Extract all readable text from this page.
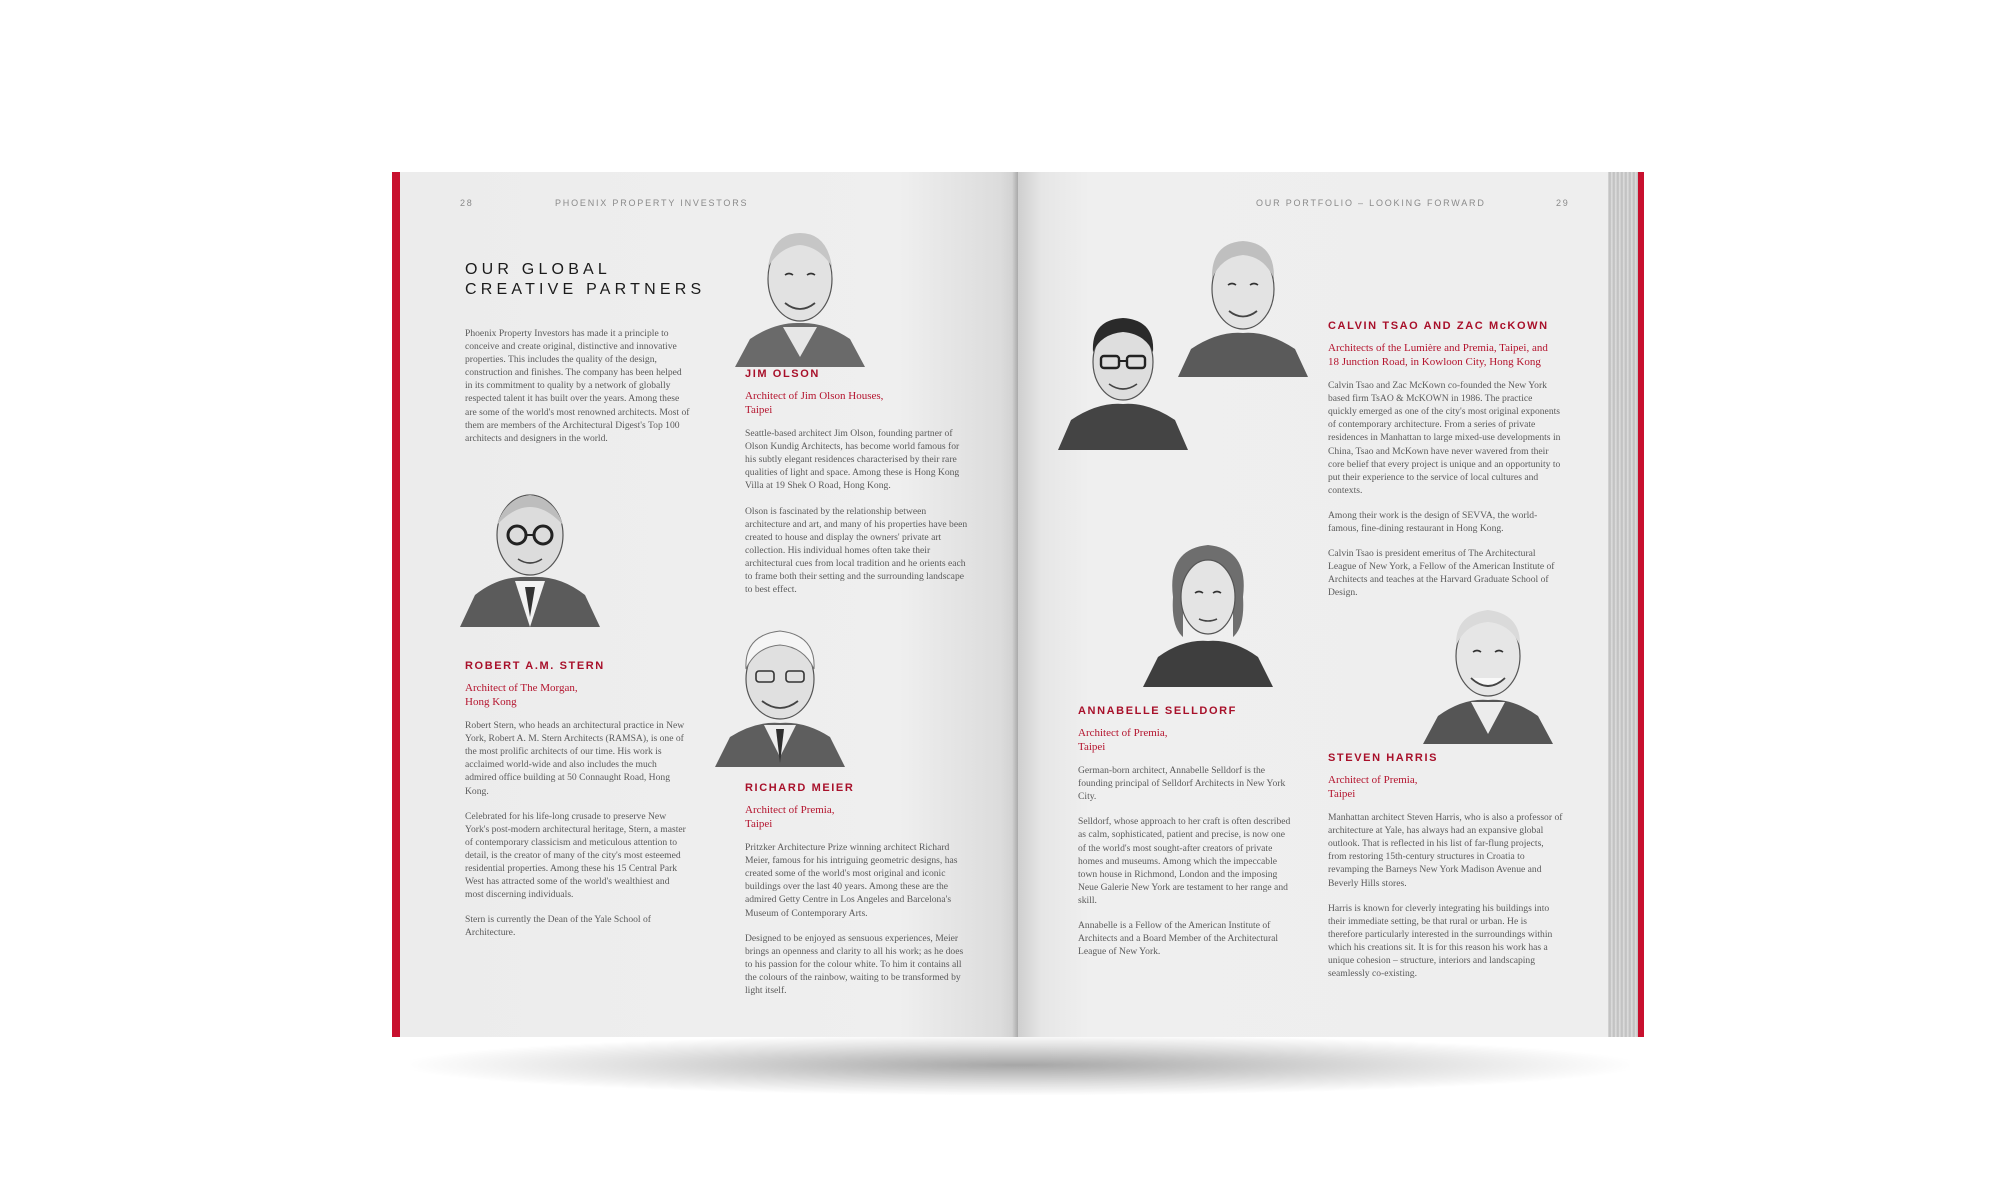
28	PHOENIX PROPERTY INVESTORS
OUR GLOBAL
CREATIVE PARTNERS

Phoenix Property Investors has made it a principle to conceive and create original, distinctive and innovative properties. This includes the quality of the design, construction and finishes. The company has been helped in its commitment to quality by a network of globally respected talent it has built over the years. Among these are some of the world's most renowned architects. Most of them are members of the Architectural Digest's Top 100 architects and designers in the world.

ROBERT A.M. STERN
Architect of The Morgan,
Hong Kong

Robert Stern, who heads an architectural practice in New York, Robert A. M. Stern Architects (RAMSA), is one of the most prolific architects of our time. His work is acclaimed world-wide and also includes the much admired office building at 50 Connaught Road, Hong Kong.

Celebrated for his life-long crusade to preserve New York's post-modern architectural heritage, Stern, a master of contemporary classicism and meticulous attention to detail, is the creator of many of the city's most esteemed residential properties. Among these his 15 Central Park West has attracted some of the world's wealthiest and most discerning individuals.

Stern is currently the Dean of the Yale School of Architecture.

JIM OLSON
Architect of Jim Olson Houses,
Taipei

Seattle-based architect Jim Olson, founding partner of Olson Kundig Architects, has become world famous for his subtly elegant residences characterised by their rare qualities of light and space. Among these is Hong Kong Villa at 19 Shek O Road, Hong Kong.

Olson is fascinated by the relationship between architecture and art, and many of his properties have been created to house and display the owners' private art collection. His individual homes often take their architectural cues from local tradition and he orients each to frame both their setting and the surrounding landscape to best effect.

RICHARD MEIER
Architect of Premia,
Taipei

Pritzker Architecture Prize winning architect Richard Meier, famous for his intriguing geometric designs, has created some of the world's most original and iconic buildings over the last 40 years. Among these are the admired Getty Centre in Los Angeles and Barcelona's Museum of Contemporary Arts.

Designed to be enjoyed as sensuous experiences, Meier brings an openness and clarity to all his work; as he does to his passion for the colour white. To him it contains all the colours of the rainbow, waiting to be transformed by light itself.

OUR PORTFOLIO – LOOKING FORWARD	29
CALVIN TSAO AND ZAC McKOWN
Architects of the Lumière and Premia, Taipei, and
18 Junction Road, in Kowloon City, Hong Kong

Calvin Tsao and Zac McKown co-founded the New York based firm TsAO & McKOWN in 1986. The practice quickly emerged as one of the city's most original exponents of contemporary architecture. From a series of private residences in Manhattan to large mixed-use developments in China, Tsao and McKown have never wavered from their core belief that every project is unique and an opportunity to put their experience to the service of local cultures and contexts.

Among their work is the design of SEVVA, the world-famous, fine-dining restaurant in Hong Kong.

Calvin Tsao is president emeritus of The Architectural League of New York, a Fellow of the American Institute of Architects and teaches at the Harvard Graduate School of Design.

ANNABELLE SELLDORF
Architect of Premia,
Taipei

German-born architect, Annabelle Selldorf is the founding principal of Selldorf Architects in New York City.

Selldorf, whose approach to her craft is often described as calm, sophisticated, patient and precise, is now one of the world's most sought-after creators of private homes and museums. Among which the impeccable town house in Richmond, London and the imposing Neue Galerie New York are testament to her range and skill.

Annabelle is a Fellow of the American Institute of Architects and a Board Member of the Architectural League of New York.

STEVEN HARRIS
Architect of Premia,
Taipei

Manhattan architect Steven Harris, who is also a professor of architecture at Yale, has always had an expansive global outlook. That is reflected in his list of far-flung projects, from restoring 15th-century structures in Croatia to revamping the Barneys New York Madison Avenue and Beverly Hills stores.

Harris is known for cleverly integrating his buildings into their immediate setting, be that rural or urban. He is therefore particularly interested in the surroundings within which his creations sit. It is for this reason his work has a unique cohesion – structure, interiors and landscaping seamlessly co-existing.
